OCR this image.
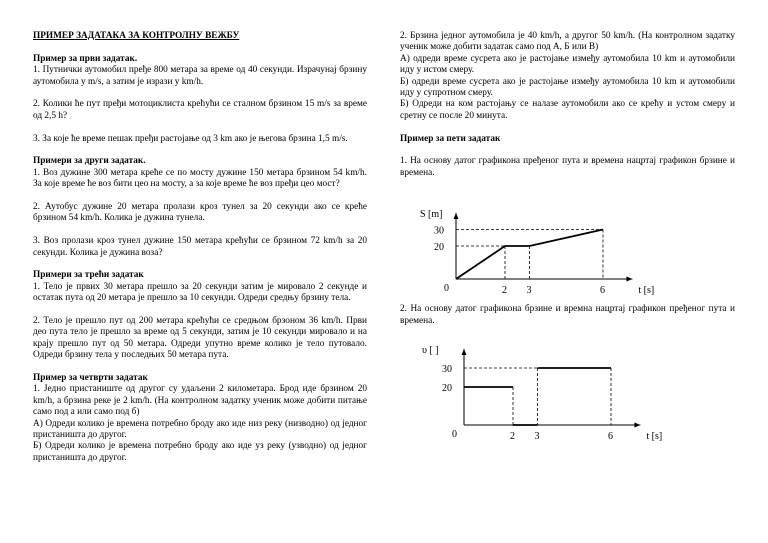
ПРИМЕР ЗАДАТАКА ЗА КОНТРОЛНУ ВЕЖБУ

Пример за први задатак.

1. Путнички аутомобил пређе 800 метара за време од 40 секунди. Израчунај брзину аутомобила у m/s, а затим је изрази у km/h.

2. Колики ће пут пређи мотоциклиста крећући се сталном брзином 15 m/s за време од 2,5 h?

3. За које ће време пешак пређи растојање од 3 km ако је његова брзина 1,5 m/s.

Примери за други задатак.

1. Воз дужине 300 метара креће се по мосту дужине 150 метара брзином 54 km/h. За које време ће воз бити цео на мосту, а за које време ће воз пређи цео мост?

2. Аутобус дужине 20 метара пролази кроз тунел за 20 секунди ако се креће брзином 54 km/h. Колика је дужина тунела.

3. Воз пролази кроз тунел дужине 150 метара крећући се брзином 72 km/h за 20 секунди. Колика је дужина воза?

Примери за трећи задатак

1. Тело је првих 30 метара прешло за 20 секунди затим је мировало 2 секунде и остатак пута од 20 метара је прешло за 10 секунди. Одреди средњу брзину тела.

2. Тело је прешло пут од 200 метара крећући се средњом брзоном 36 km/h. Први део пута тело је прешло за време од 5 секунди, затим је 10 секунди мировало и на крају прешло пут од 50 метара. Одреди упутно време колико је тело путовало. Одреди брзину тела у последњих 50 метара пута.

Пример за четврти задатак

1. Једно пристаниште од другог су удаљени 2 километара. Брод иде брзином 20 km/h, а брзина реке је 2 km/h. (На контролном задатку ученик може добити питање само под а или само под б)

А) Одреди колико је времена потребно броду ако иде низ реку (низводно) од једног пристаништа до другог.

Б) Одреди колико је времена потребно броду ако иде уз реку (узводно) од једног пристаништа до другог.

2. Брзина једног аутомобила је 40 km/h, а другог 50 km/h. (На контролном задатку ученик може добити задатак само под А, Б или В)

А) одреди време сусрета ако је растојање између аутомобила 10 km и аутомобили иду у истом смеру.

Б) одреди време сусрета ако је растојање између аутомобила 10 km и аутомобили иду у супротном смеру.

Б) Одреди на ком растојању се налазе аутомобили ако се крећу и устом смеру и сретну се после 20 минута.

Пример за пети задатак

1. На основу датог графикона пређеног пута и времена нацртај графикон брзине и времена.

S [m]
t [s]
0	2 3	6
30
20

2. На основу датог графикона брзине и времна нацртај графикон пређеног пута и времена.

υ [ ]
t [s]
0	2 3	6
30
20
